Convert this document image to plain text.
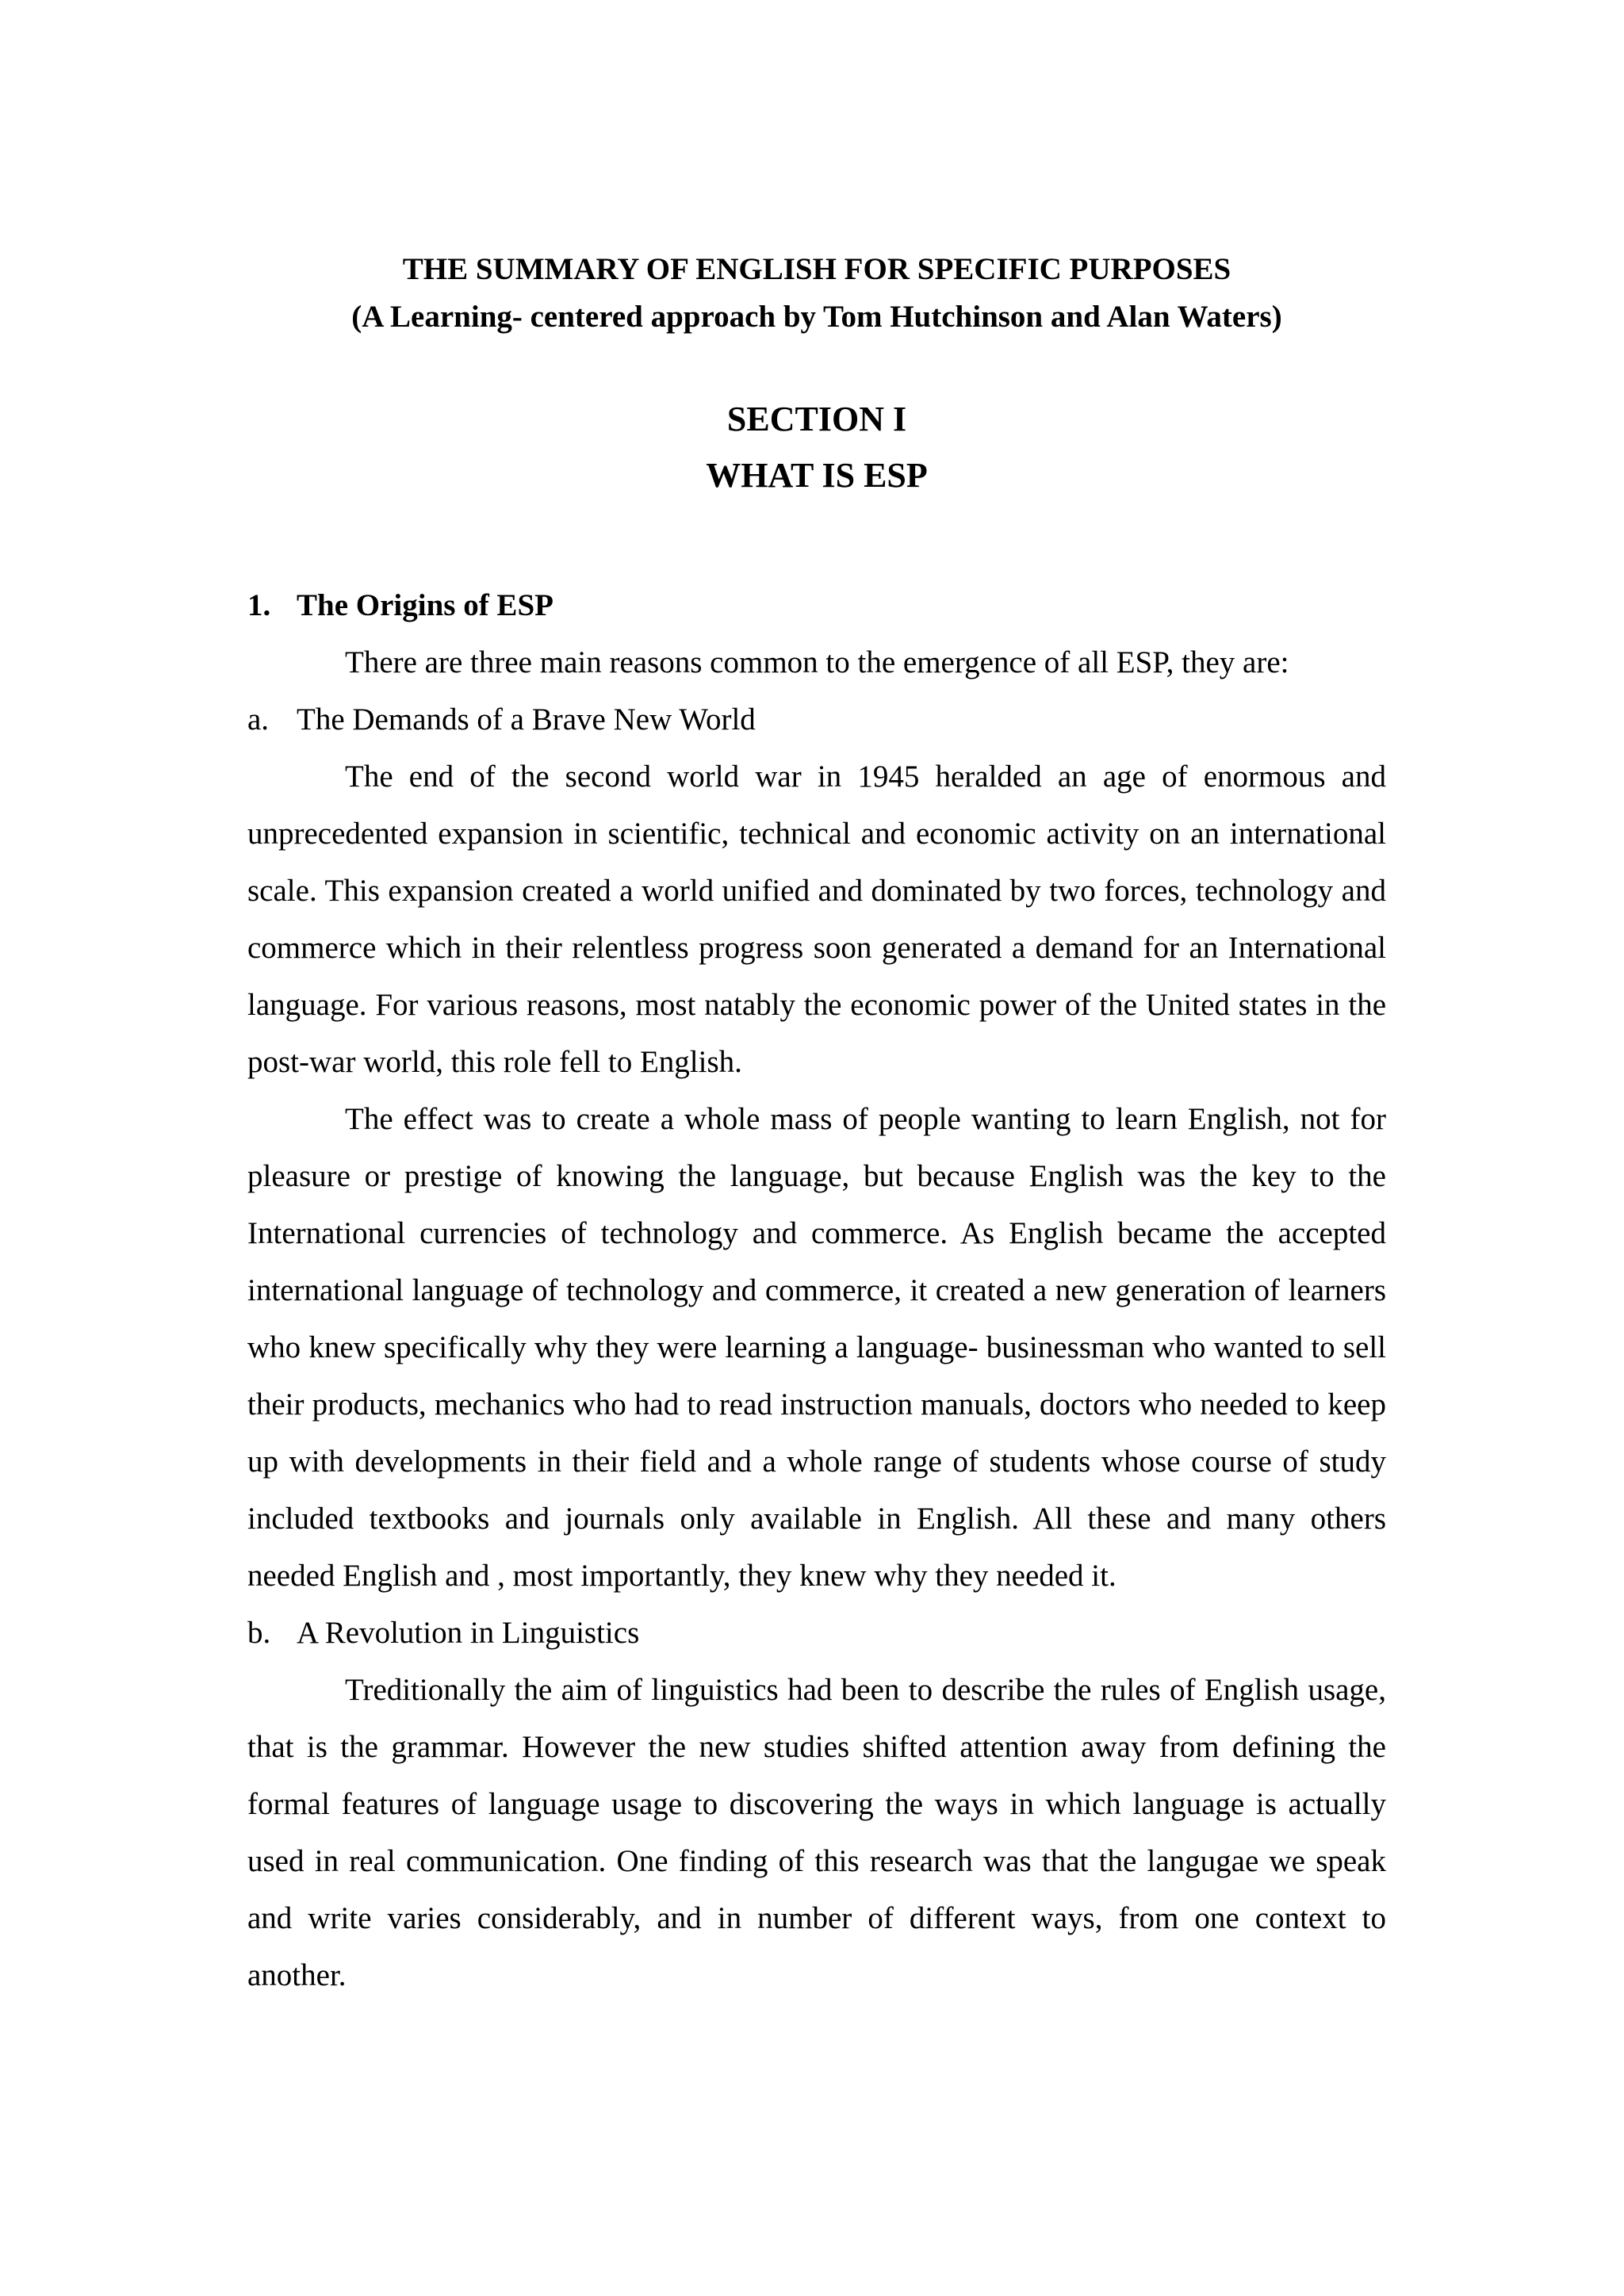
THE SUMMARY OF ENGLISH FOR SPECIFIC PURPOSES

(A Learning- centered approach by Tom Hutchinson and Alan Waters)

SECTION I

WHAT IS ESP

1. The Origins of ESP

There are three main reasons common to the emergence of all ESP, they are:

a. The Demands of a Brave New World

The end of the second world war in 1945 heralded an age of enormous and unprecedented expansion in scientific, technical and economic activity on an international scale. This expansion created a world unified and dominated by two forces, technology and commerce which in their relentless progress soon generated a demand for an International language. For various reasons, most natably the economic power of the United states in the post-war world, this role fell to English.

The effect was to create a whole mass of people wanting to learn English, not for pleasure or prestige of knowing the language, but because English was the key to the International currencies of technology and commerce. As English became the accepted international language of technology and commerce, it created a new generation of learners who knew specifically why they were learning a language- businessman who wanted to sell their products, mechanics who had to read instruction manuals, doctors who needed to keep up with developments in their field and a whole range of students whose course of study included textbooks and journals only available in English. All these and many others needed English and , most importantly, they knew why they needed it.

b. A Revolution in Linguistics

Treditionally the aim of linguistics had been to describe the rules of English usage, that is the grammar. However the new studies shifted attention away from defining the formal features of language usage to discovering the ways in which language is actually used in real communication. One finding of this research was that the langugae we speak and write varies considerably, and in number of different ways, from one context to another.
